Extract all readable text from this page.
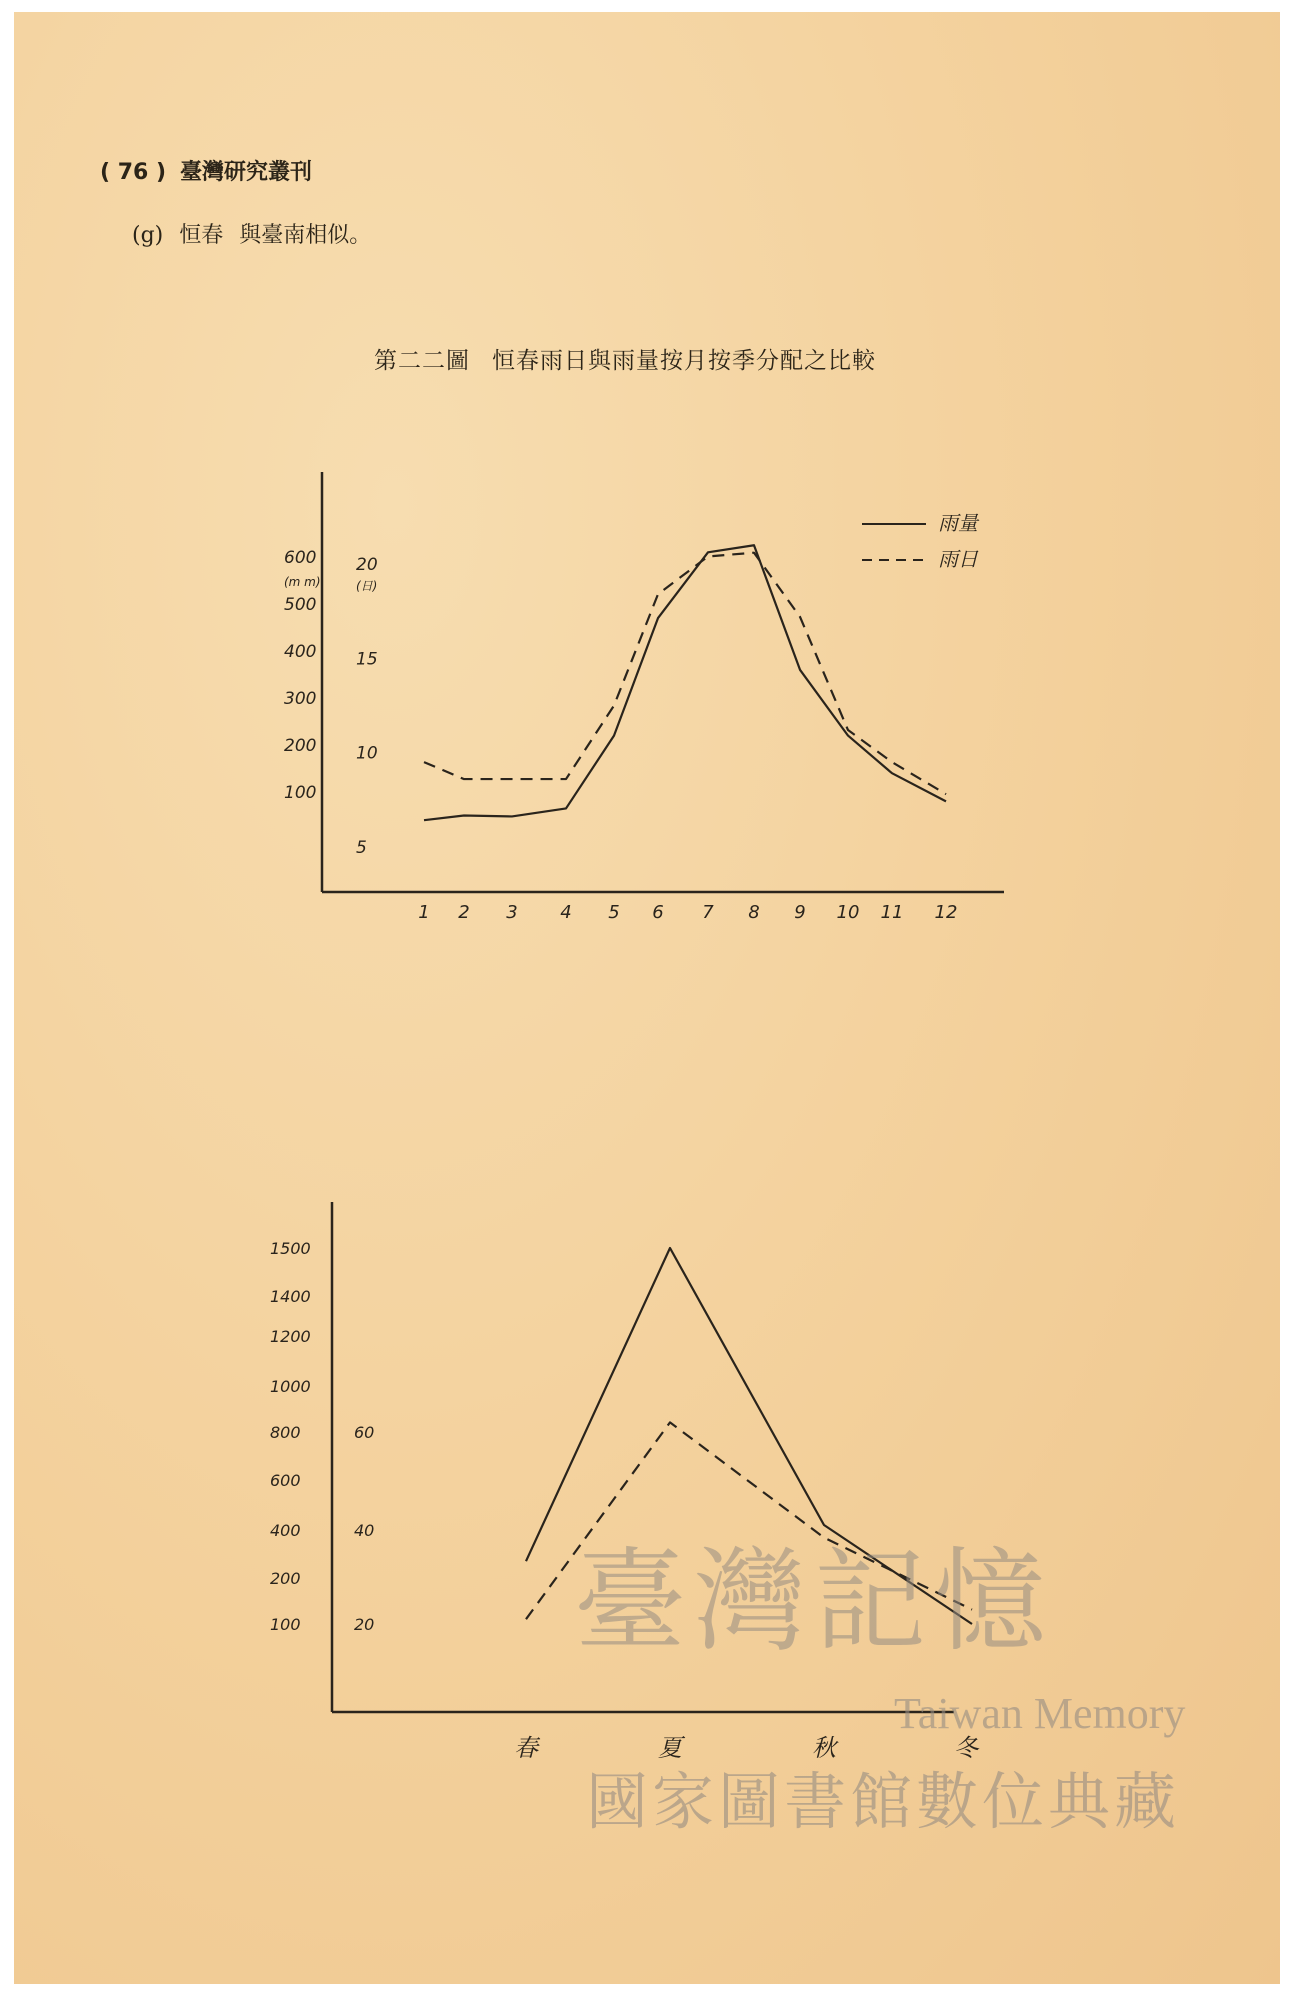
( 76 ) 臺灣研究叢刊
(g) 恒春 與臺南相似。
第二二圖 恒春雨日與雨量按月按季分配之比較
100
200
300
400
500
600
(m m)
5
10
15
20
(日)
1 2 3 4 5 6 7 8 9 10 11 12
雨量
雨日
100
200
400
600
800
1000
1200
1400
1500
20
40
60
春	夏	秋	冬
臺灣記憶
Taiwan Memory
國家圖書館數位典藏
